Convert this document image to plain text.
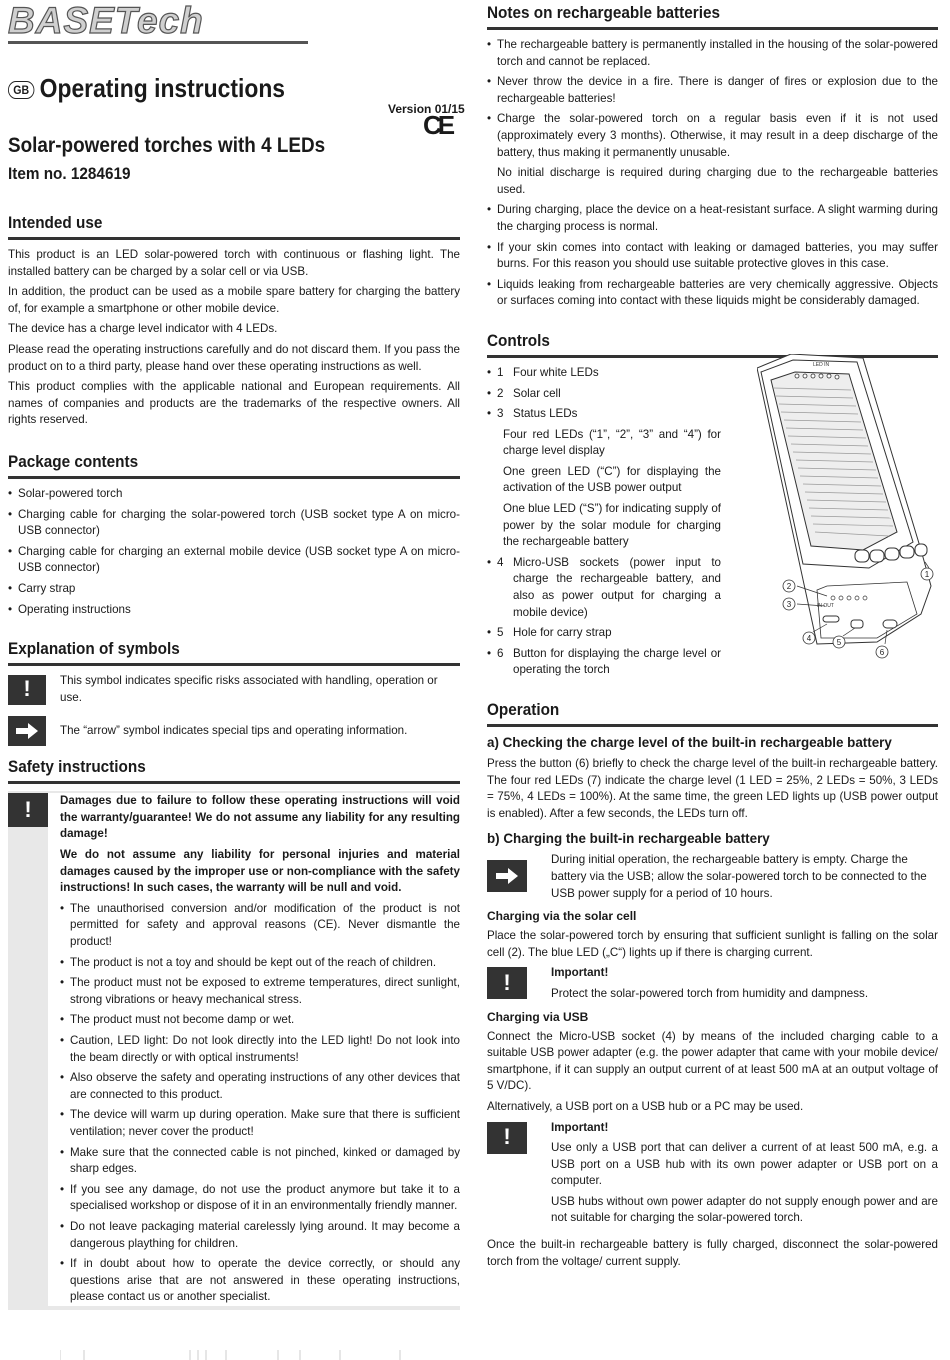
BASETech
GB Operating instructions
Version 01/15
CE
Solar-powered torches with 4 LEDs
Item no. 1284619
Intended use

This product is an LED solar-powered torch with continuous or flashing light. The installed battery can be charged by a solar cell or via USB.

In addition, the product can be used as a mobile spare battery for charging the battery of, for example a smartphone or other mobile device.

The device has a charge level indicator with 4 LEDs.

Please read the operating instructions carefully and do not discard them. If you pass the product on to a third party, please hand over these operating instructions as well.

This product complies with the applicable national and European requirements. All names of companies and products are the trademarks of the respective owners. All rights reserved.

Package contents
• Solar-powered torch
• Charging cable for charging the solar-powered torch (USB socket type A on micro-USB connector)
• Charging cable for charging an external mobile device (USB socket type A on micro-USB connector)
• Carry strap
• Operating instructions
Explanation of symbols
!	This symbol indicates specific risks associated with handling, operation or use.
The “arrow” symbol indicates special tips and operating information.
Safety instructions
!	Damages due to failure to follow these operating instructions will void the warranty/guarantee! We do not assume any liability for any resulting damage!

We do not assume any liability for personal injuries and material damages caused by the improper use or non-compliance with the safety instructions! In such cases, the warranty will be null and void.

• The unauthorised conversion and/or modification of the product is not permitted for safety and approval reasons (CE). Never dismantle the product!
• The product is not a toy and should be kept out of the reach of children.
• The product must not be exposed to extreme temperatures, direct sunlight, strong vibrations or heavy mechanical stress.
• The product must not become damp or wet.
• Caution, LED light: Do not look directly into the LED light! Do not look into the beam directly or with optical instruments!
• Also observe the safety and operating instructions of any other devices that are connected to this product.
• The device will warm up during operation. Make sure that there is sufficient ventilation; never cover the product!
• Make sure that the connected cable is not pinched, kinked or damaged by sharp edges.
• If you see any damage, do not use the product anymore but take it to a specialised workshop or dispose of it in an environmentally friendly manner.
• Do not leave packaging material carelessly lying around. It may become a dangerous plaything for children.
• If in doubt about how to operate the device correctly, or should any questions arise that are not answered in these operating instructions, please contact us or another specialist.
Notes on rechargeable batteries
• The rechargeable battery is permanently installed in the housing of the solar-powered torch and cannot be replaced.
• Never throw the device in a fire. There is danger of fires or explosion due to the rechargeable batteries!
• Charge the solar-powered torch on a regular basis even if it is not used (approximately every 3 months). Otherwise, it may result in a deep discharge of the battery, thus making it permanently unusable.

No initial discharge is required during charging due to the rechargeable batteries used.

• During charging, place the device on a heat-resistant surface. A slight warming during the charging process is normal.
• If your skin comes into contact with leaking or damaged batteries, you may suffer burns. For this reason you should use suitable protective gloves in this case.
• Liquids leaking from rechargeable batteries are very chemically aggressive. Objects or surfaces coming into contact with these liquids might be considerably damaged.
Controls
• 1 Four white LEDs
• 2 Solar cell
• 3 Status LEDs

Four red LEDs (“1”, “2”, “3” and “4”) for charge level display

One green LED (“C”) for displaying the activation of the USB power output

One blue LED (“S”) for indicating supply of power by the solar module for charging the rechargeable battery

• 4 Micro-USB sockets (power input to charge the rechargeable battery, and also as power output for charging a mobile device)
• 5 Hole for carry strap
• 6 Button for displaying the charge level or operating the torch
LED IN
IN OUT
1
2
3
4	5
6
Operation
a) Checking the charge level of the built-in rechargeable battery

Press the button (6) briefly to check the charge level of the built-in rechargeable battery. The four red LEDs (7) indicate the charge level (1 LED = 25%, 2 LEDs = 50%, 3 LEDs = 75%, 4 LEDs = 100%). At the same time, the green LED lights up (USB power output is enabled). After a few seconds, the LEDs turn off.

b) Charging the built-in rechargeable battery
During initial operation, the rechargeable battery is empty. Charge the battery via the USB; allow the solar-powered torch to be connected to the USB power supply for a period of 10 hours.
Charging via the solar cell

Place the solar-powered torch by ensuring that sufficient sunlight is falling on the solar cell (2). The blue LED („C“) lights up if there is charging current.

!	Important!
Protect the solar-powered torch from humidity and dampness.
Charging via USB

Connect the Micro-USB socket (4) by means of the included charging cable to a suitable USB power adapter (e.g. the power adapter that came with your mobile device/ smartphone, if it can supply an output current of at least 500 mA at an output voltage of 5 V/DC).

Alternatively, a USB port on a USB hub or a PC may be used.

!	Important!

Use only a USB port that can deliver a current of at least 500 mA, e.g. a USB port on a USB hub with its own power adapter or USB port on a computer.

USB hubs without own power adapter do not supply enough power and are not suitable for charging the solar-powered torch.

Once the built-in rechargeable battery is fully charged, disconnect the solar-powered torch from the voltage/ current supply.
